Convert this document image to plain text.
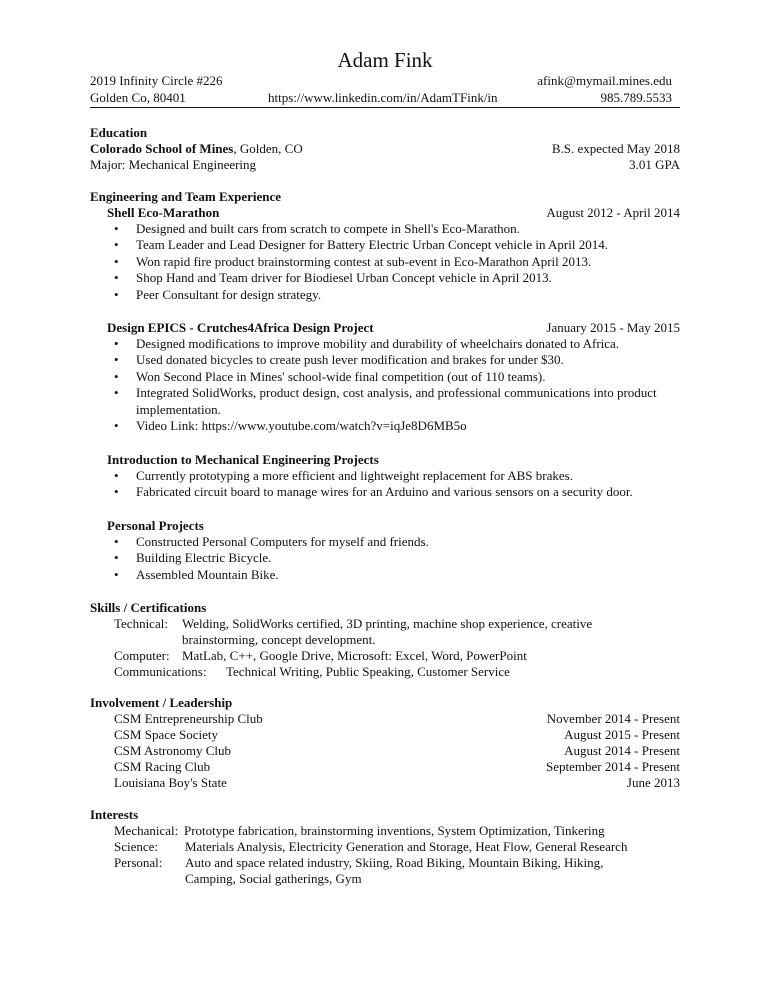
Adam Fink
2019 Infinity Circle #226	afink@mymail.mines.edu
Golden Co, 80401	https://www.linkedin.com/in/AdamTFink/in	985.789.5533
Education
Colorado School of Mines, Golden, CO	B.S. expected May 2018
Major: Mechanical Engineering	3.01 GPA
Engineering and Team Experience
Shell Eco-Marathon	August 2012 - April 2014
• Designed and built cars from scratch to compete in Shell's Eco-Marathon.
• Team Leader and Lead Designer for Battery Electric Urban Concept vehicle in April 2014.
• Won rapid fire product brainstorming contest at sub-event in Eco-Marathon April 2013.
• Shop Hand and Team driver for Biodiesel Urban Concept vehicle in April 2013.
• Peer Consultant for design strategy.
Design EPICS - Crutches4Africa Design Project	January 2015 - May 2015
• Designed modifications to improve mobility and durability of wheelchairs donated to Africa.
• Used donated bicycles to create push lever modification and brakes for under $30.
• Won Second Place in Mines' school-wide final competition (out of 110 teams).
• Integrated SolidWorks, product design, cost analysis, and professional communications into product implementation.
• Video Link: https://www.youtube.com/watch?v=iqJe8D6MB5o
Introduction to Mechanical Engineering Projects
• Currently prototyping a more efficient and lightweight replacement for ABS brakes.
• Fabricated circuit board to manage wires for an Arduino and various sensors on a security door.
Personal Projects
• Constructed Personal Computers for myself and friends.
• Building Electric Bicycle.
• Assembled Mountain Bike.
Skills / Certifications
Technical: Welding, SolidWorks certified, 3D printing, machine shop experience, creative
brainstorming, concept development.
Computer: MatLab, C++, Google Drive, Microsoft: Excel, Word, PowerPoint
Communications: Technical Writing, Public Speaking, Customer Service
Involvement / Leadership
CSM Entrepreneurship Club	November 2014 - Present
CSM Space Society	August 2015 - Present
CSM Astronomy Club	August 2014 - Present
CSM Racing Club	September 2014 - Present
Louisiana Boy's State	June 2013
Interests
Mechanical: Prototype fabrication, brainstorming inventions, System Optimization, Tinkering
Science: Materials Analysis, Electricity Generation and Storage, Heat Flow, General Research
Personal: Auto and space related industry, Skiing, Road Biking, Mountain Biking, Hiking,
Camping, Social gatherings, Gym
